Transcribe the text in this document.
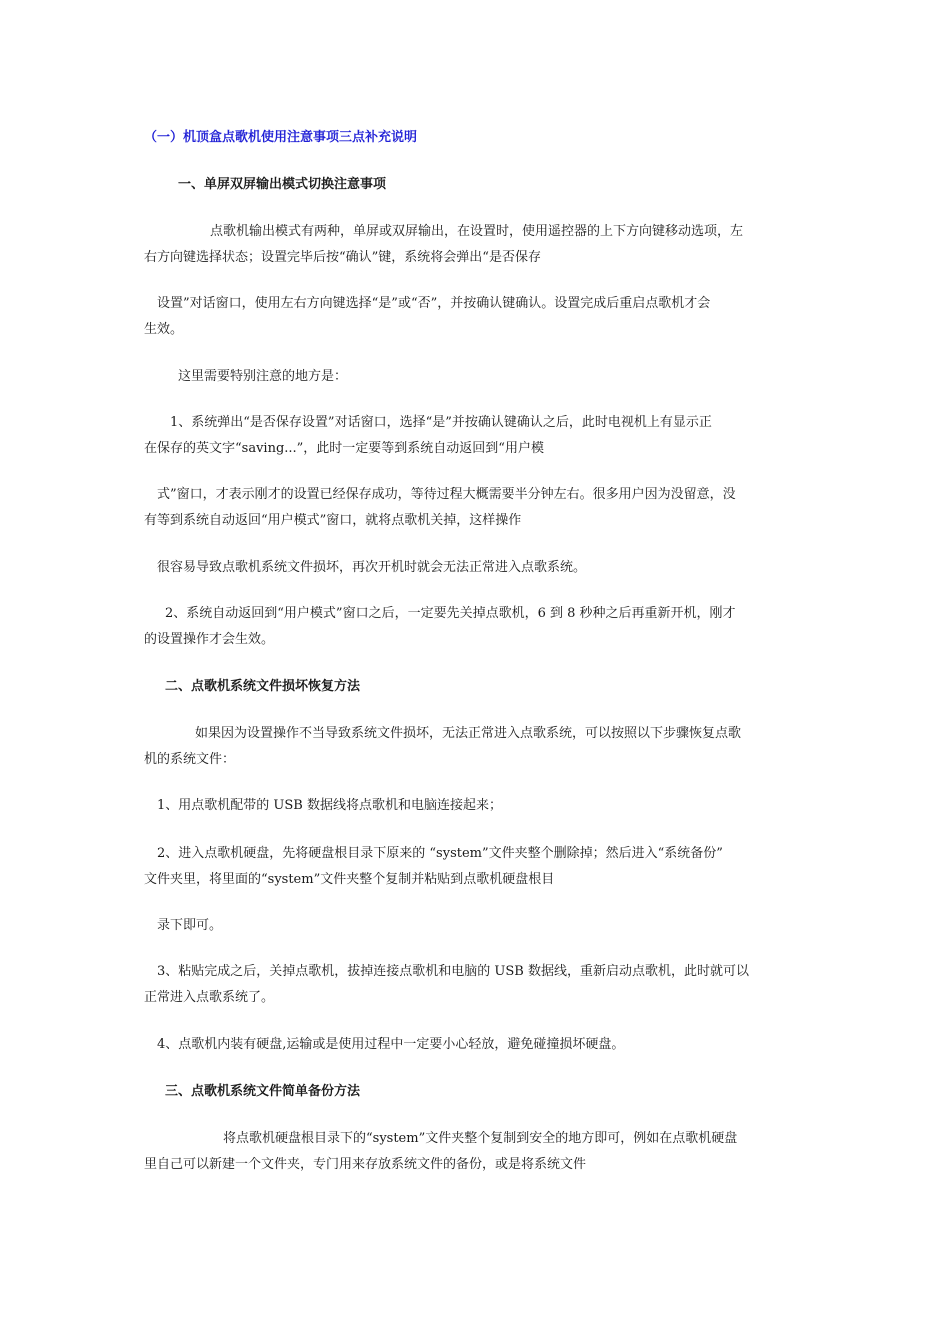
（一）机顶盒点歌机使用注意事项三点补充说明

一、单屏双屏输出模式切换注意事项

点歌机输出模式有两种，单屏或双屏输出，在设置时，使用遥控器的上下方向键移动选项，左

右方向键选择状态；设置完毕后按“确认”键，系统将会弹出“是否保存

设置”对话窗口，使用左右方向键选择“是”或“否”，并按确认键确认。设置完成后重启点歌机才会

生效。

这里需要特别注意的地方是：

1、系统弹出“是否保存设置”对话窗口，选择“是”并按确认键确认之后，此时电视机上有显示正

在保存的英文字“saving...”，此时一定要等到系统自动返回到“用户模

式”窗口，才表示刚才的设置已经保存成功，等待过程大概需要半分钟左右。很多用户因为没留意，没

有等到系统自动返回“用户模式”窗口，就将点歌机关掉，这样操作

很容易导致点歌机系统文件损坏，再次开机时就会无法正常进入点歌系统。

2、系统自动返回到“用户模式”窗口之后，一定要先关掉点歌机，6 到 8 秒种之后再重新开机，刚才

的设置操作才会生效。

二、点歌机系统文件损坏恢复方法

如果因为设置操作不当导致系统文件损坏，无法正常进入点歌系统，可以按照以下步骤恢复点歌

机的系统文件：

1、用点歌机配带的 USB 数据线将点歌机和电脑连接起来；

2、进入点歌机硬盘，先将硬盘根目录下原来的 “system”文件夹整个删除掉；然后进入“系统备份”

文件夹里，将里面的“system”文件夹整个复制并粘贴到点歌机硬盘根目

录下即可。

3、粘贴完成之后，关掉点歌机，拔掉连接点歌机和电脑的 USB 数据线，重新启动点歌机，此时就可以

正常进入点歌系统了。

4、点歌机内装有硬盘,运输或是使用过程中一定要小心轻放，避免碰撞损坏硬盘。

三、点歌机系统文件简单备份方法

将点歌机硬盘根目录下的“system”文件夹整个复制到安全的地方即可，例如在点歌机硬盘

里自己可以新建一个文件夹，专门用来存放系统文件的备份，或是将系统文件
